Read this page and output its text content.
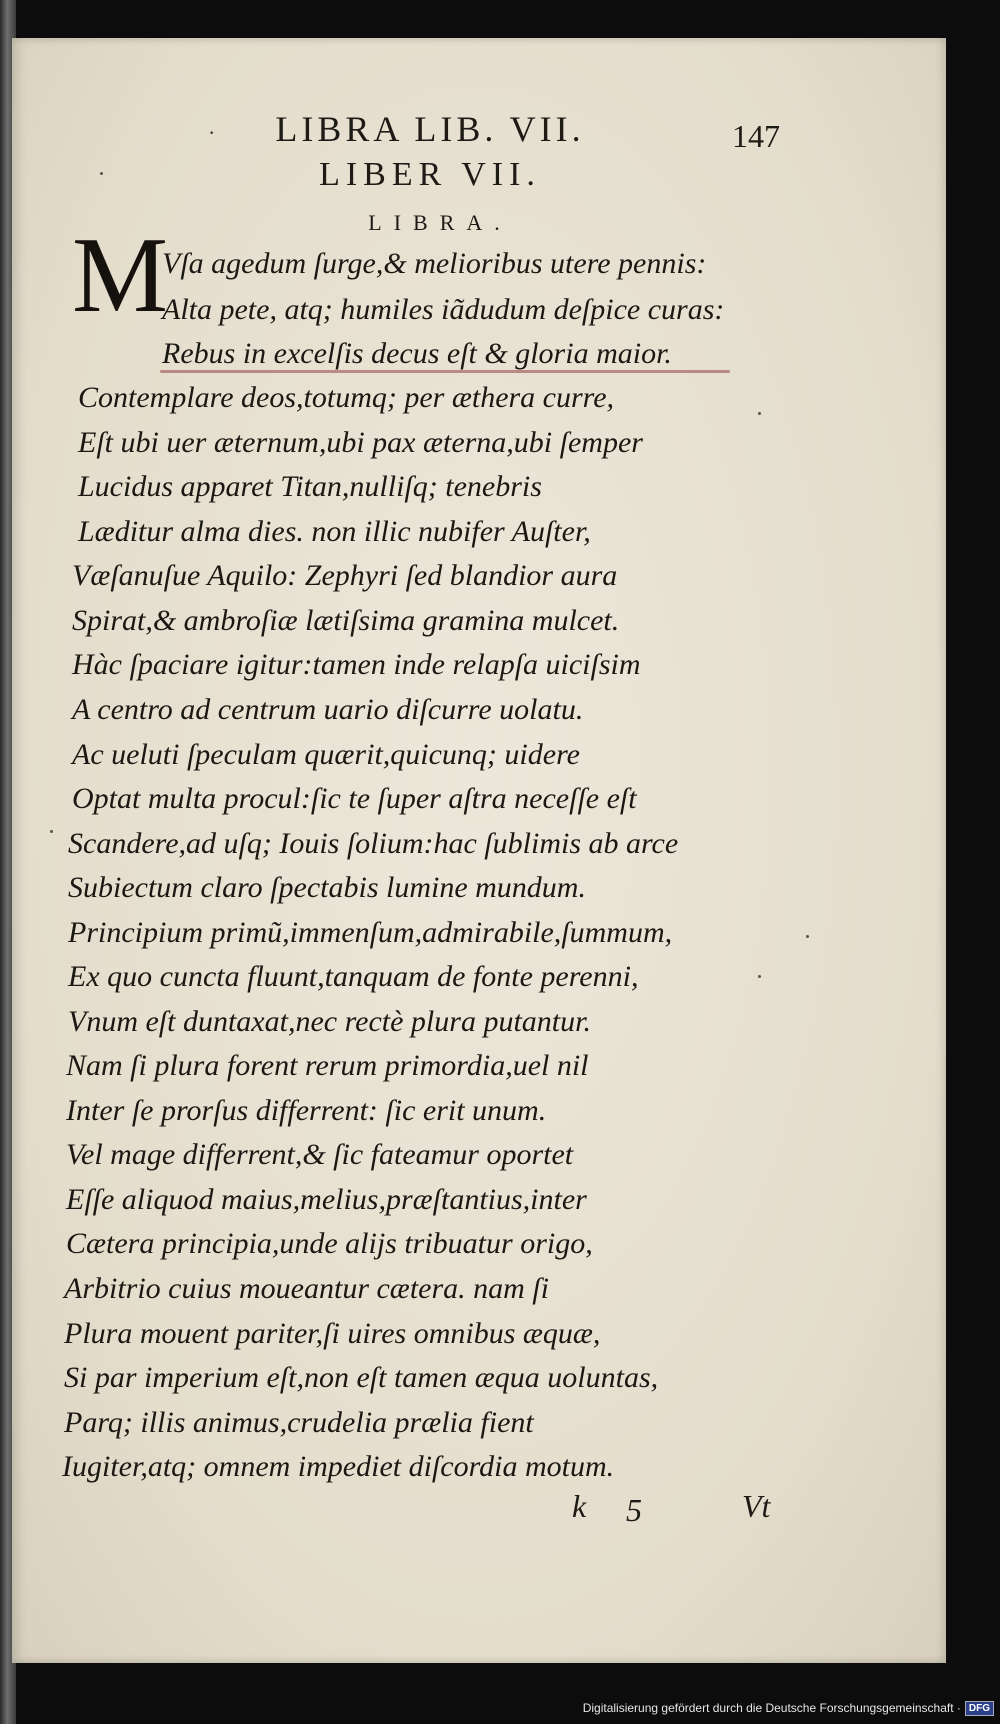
·	LIBRA LIB. VII.	147
LIBER VII.
LIBRA.
M
Vſa agedum ſurge,& melioribus utere pennis:
Alta pete, atq; humiles iãdudum deſpice curas:
Rebus in excelſis decus eſt & gloria maior.
Contemplare deos,totumq; per æthera curre,
Eſt ubi uer æternum,ubi pax æterna,ubi ſemper
Lucidus apparet Titan,nulliſq; tenebris
Læditur alma dies. non illic nubifer Auſter,
Væſanuſue Aquilo: Zephyri ſed blandior aura
Spirat,& ambroſiæ lætiſsima gramina mulcet.
Hàc ſpaciare igitur:tamen inde relapſa uiciſsim
A centro ad centrum uario diſcurre uolatu.
Ac ueluti ſpeculam quærit,quicunq; uidere
Optat multa procul:ſic te ſuper aſtra neceſſe eſt
Scandere,ad uſq; Iouis ſolium:hac ſublimis ab arce
Subiectum claro ſpectabis lumine mundum.
Principium primũ,immenſum,admirabile,ſummum,
Ex quo cuncta fluunt,tanquam de fonte perenni,
Vnum eſt duntaxat,nec rectè plura putantur.
Nam ſi plura forent rerum primordia,uel nil
Inter ſe prorſus differrent: ſic erit unum.
Vel mage differrent,& ſic fateamur oportet
Eſſe aliquod maius,melius,præſtantius,inter
Cætera principia,unde alijs tribuatur origo,
Arbitrio cuius moueantur cætera. nam ſi
Plura mouent pariter,ſi uires omnibus æquæ,
Si par imperium eſt,non eſt tamen æqua uoluntas,
Parq; illis animus,crudelia prælia fient
Iugiter,atq; omnem impediet diſcordia motum.
k 5	Vt
Digitalisierung gefördert durch die Deutsche Forschungsgemeinschaft · DFG
